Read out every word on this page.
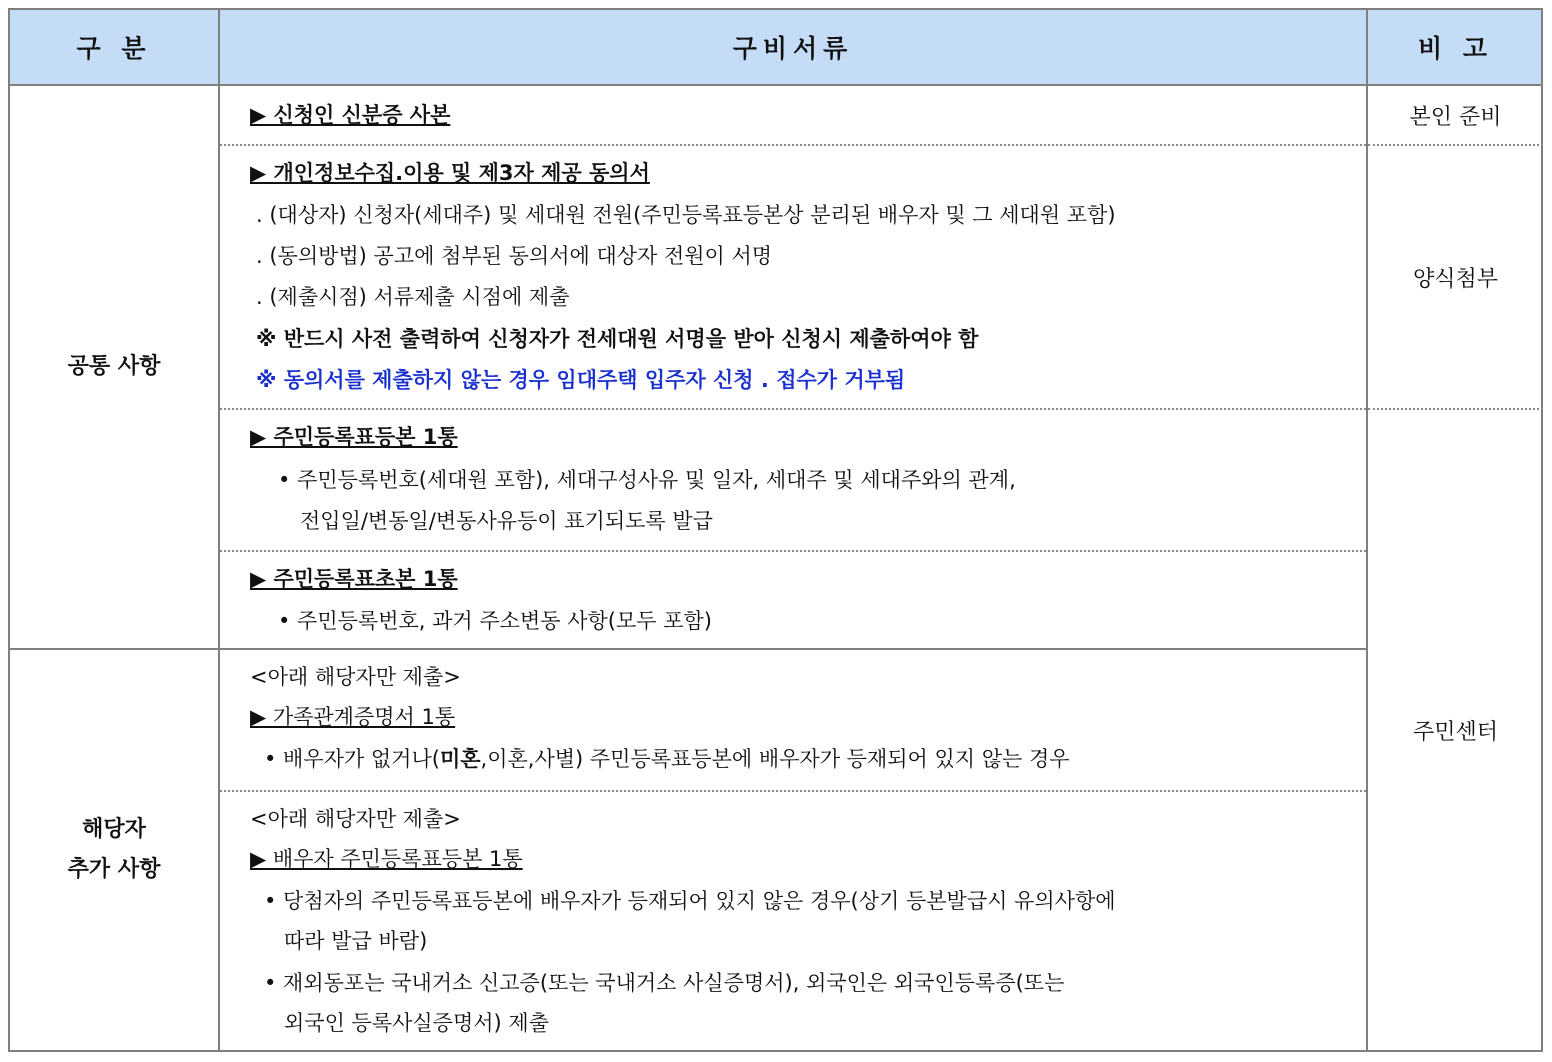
구 분	구비서류	비 고
공통 사항
해당자
추가 사항
본인 준비
양식첨부
주민센터
▶ 신청인 신분증 사본
▶ 개인정보수집.이용 및 제3자 제공 동의서
. (대상자) 신청자(세대주) 및 세대원 전원(주민등록표등본상 분리된 배우자 및 그 세대원 포함)
. (동의방법) 공고에 첨부된 동의서에 대상자 전원이 서명
. (제출시점) 서류제출 시점에 제출
※ 반드시 사전 출력하여 신청자가 전세대원 서명을 받아 신청시 제출하여야 함
※ 동의서를 제출하지 않는 경우 임대주택 입주자 신청 . 접수가 거부됨
▶ 주민등록표등본 1통
• 주민등록번호(세대원 포함), 세대구성사유 및 일자, 세대주 및 세대주와의 관계,
전입일/변동일/변동사유등이 표기되도록 발급
▶ 주민등록표초본 1통
• 주민등록번호, 과거 주소변동 사항(모두 포함)
<아래 해당자만 제출>
▶ 가족관계증명서 1통
• 배우자가 없거나(미혼,이혼,사별) 주민등록표등본에 배우자가 등재되어 있지 않는 경우
<아래 해당자만 제출>
▶ 배우자 주민등록표등본 1통
• 당첨자의 주민등록표등본에 배우자가 등재되어 있지 않은 경우(상기 등본발급시 유의사항에
따라 발급 바람)
• 재외동포는 국내거소 신고증(또는 국내거소 사실증명서), 외국인은 외국인등록증(또는
외국인 등록사실증명서) 제출
